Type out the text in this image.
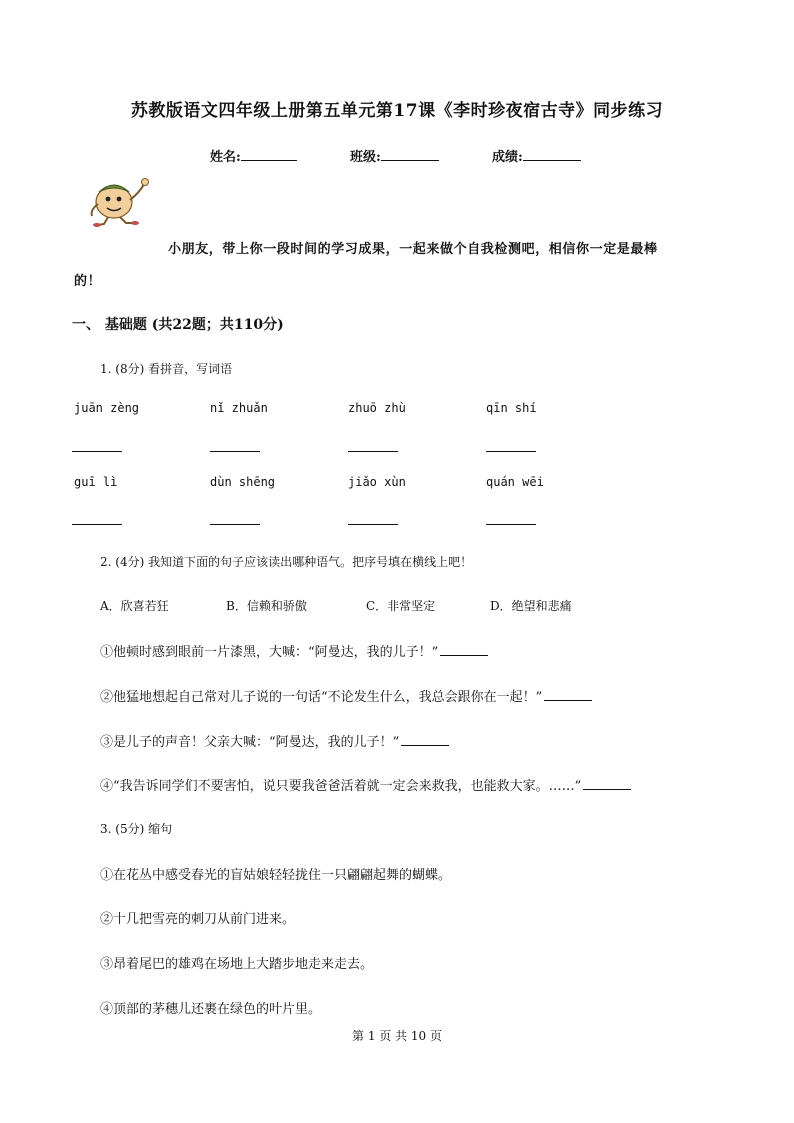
苏教版语文四年级上册第五单元第17课《李时珍夜宿古寺》同步练习
姓名:	班级:	成绩:
小朋友，带上你一段时间的学习成果，一起来做个自我检测吧，相信你一定是最棒
的！
一、 基础题 (共22题；共110分)
1. (8分) 看拼音，写词语
juān zèng	nǐ zhuǎn	zhuō zhù	qīn shí
guī lì	dùn shēng	jiǎo xùn	quán wēi
2. (4分) 我知道下面的句子应该读出哪种语气。把序号填在横线上吧！
A．欣喜若狂	B．信赖和骄傲	C．非常坚定	D．绝望和悲痛
①他顿时感到眼前一片漆黑，大喊：“阿曼达，我的儿子！”
②他猛地想起自己常对儿子说的一句话“不论发生什么，我总会跟你在一起！”
③是儿子的声音！父亲大喊：“阿曼达，我的儿子！”
④“我告诉同学们不要害怕，说只要我爸爸活着就一定会来救我，也能救大家。……”
3. (5分) 缩句
①在花丛中感受春光的盲姑娘轻轻拢住一只翩翩起舞的蝴蝶。
②十几把雪亮的刺刀从前门进来。
③昂着尾巴的雄鸡在场地上大踏步地走来走去。
④顶部的茅穗儿还裹在绿色的叶片里。
第 1 页 共 10 页
